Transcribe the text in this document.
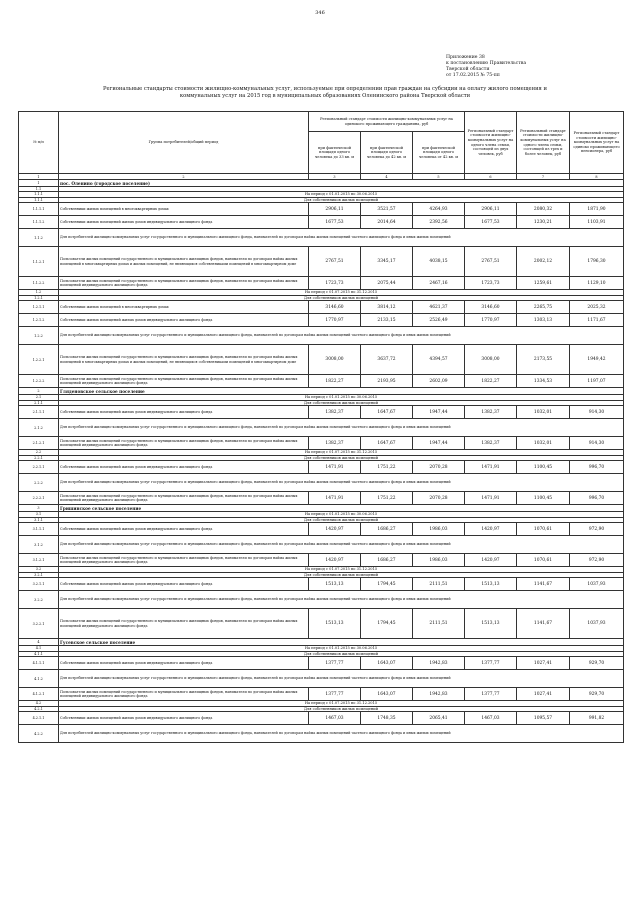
346
Приложение 38
к постановлению Правительства
Тверской области
от 17.02.2015 № 75-пп
Региональные стандарты стоимости жилищно-коммунальных услуг, используемые при определении прав граждан на субсидии на оплату жилого помещения и коммунальных услуг на 2015 год в муниципальных образованиях Оленинского района Тверской области
№ п/п	Группа потребителей/общий период	Региональный стандарт стоимости жилищно-коммунальных услуг на одинокого проживающего гражданина, руб			Региональный стандарт стоимости жилищно-коммунальных услуг на одного члена семьи, состоящей из двух человек, руб	Региональный стандарт стоимости жилищно-коммунальных услуг на одного члена семьи, состоящей из трех и более человек, руб	Региональный стандарт стоимости жилищно-коммунальных услуг на одиноко проживающего пенсионера, руб
		при фактической площади одного человека до 33 кв. м	при фактической площади одного человека до 42 кв. м	при фактической площади одного человека от 42 кв. м			
1	2	3	4	5	6	7	8
1	пос. Оленино (городское поселение)						
1.1							
1.1.1	На период с 01.01.2015 по 30.06.2015						
1.1.1	Для собственников жилых помещений						
1.1.1.1	Собственники жилых помещений в многоквартирных домах	2906,11	3521,57	4264,93	2906,11	2080,32	1871,90
1.1.1.2	Собственники жилых помещений жилых домов индивидуального жилищного фонда	1677,53	2014,64	2392,56	1677,53	1230,21	1103,91
1.1.2	Для потребителей жилищно-коммунальных услуг государственного и муниципального жилищного фонда, нанимателей по договорам найма жилых помещений частного жилищного фонда и иных жилых помещений						
1.1.2.1	Пользователи жилых помещений государственного и муниципального жилищных фондов, наниматели по договорам найма жилых помещений в многоквартирных домах и жилых помещений, не являющихся собственниками помещений в многоквартирном доме	2767,51	3345,17	4038,15	2767,51	2002,12	1796,30
1.1.2.2	Пользователи жилых помещений государственного и муниципального жилищных фондов, наниматели по договорам найма жилых помещений индивидуального жилищного фонда	1723,73	2075,44	2467,16	1723,73	1259,61	1129,10
1.2	На период с 01.07.2015 по 31.12.2015						
1.2.1	Для собственников жилых помещений						
1.2.1.1	Собственники жилых помещений в многоквартирных домах	3146,60	3814,12	4621,37	3146,60	2265,75	2025,32
1.2.1.2	Собственники жилых помещений жилых домов индивидуального жилищного фонда	1770,97	2133,15	2526,49	1770,97	1303,13	1171,67
1.2.2	Для потребителей жилищно-коммунальных услуг государственного и муниципального жилищного фонда, нанимателей по договорам найма жилых помещений частного жилищного фонда и иных жилых помещений						
1.2.2.1	Пользователи жилых помещений государственного и муниципального жилищных фондов, наниматели по договорам найма жилых помещений в многоквартирных домах и жилых помещений, не являющихся собственниками помещений в многоквартирном доме	3008,00	3637,72	4394,57	3008,00	2173,55	1949,42
1.2.2.2	Пользователи жилых помещений государственного и муниципального жилищных фондов, наниматели по договорам найма жилых помещений индивидуального жилищного фонда	1822,27	2193,95	2602,09	1822,27	1334,53	1197,07
2	Гляденовское сельское поселение						
2.1	На период с 01.01.2015 по 30.06.2015						
2.1.1	Для собственников жилых помещений						
2.1.1.1	Собственники жилых помещений жилых домов индивидуального жилищного фонда	1382,37	1647,67	1947,44	1382,37	1032,01	914,30
2.1.2	Для потребителей жилищно-коммунальных услуг государственного и муниципального жилищного фонда, нанимателей по договорам найма жилых помещений частного жилищного фонда и иных жилых помещений						
2.1.2.1	Пользователи жилых помещений государственного и муниципального жилищных фондов, наниматели по договорам найма жилых помещений индивидуального жилищного фонда	1382,37	1647,67	1947,44	1382,37	1032,01	914,30
2.2	На период с 01.07.2015 по 31.12.2015						
2.2.1	Для собственников жилых помещений						
2.2.1.1	Собственники жилых помещений жилых домов индивидуального жилищного фонда	1471,91	1751,22	2070,28	1471,91	1100,45	996,70
2.2.2	Для потребителей жилищно-коммунальных услуг государственного и муниципального жилищного фонда, нанимателей по договорам найма жилых помещений частного жилищного фонда и иных жилых помещений						
2.2.2.1	Пользователи жилых помещений государственного и муниципального жилищных фондов, наниматели по договорам найма жилых помещений индивидуального жилищного фонда	1471,91	1751,22	2070,28	1471,91	1100,45	996,70
3	Гришинское сельское поселение						
3.1	На период с 01.01.2015 по 30.06.2015						
3.1.1	Для собственников жилых помещений						
3.1.1.1	Собственники жилых помещений жилых домов индивидуального жилищного фонда	1420,97	1686,27	1986,03	1420,97	1070,61	972,90
3.1.2	Для потребителей жилищно-коммунальных услуг государственного и муниципального жилищного фонда, нанимателей по договорам найма жилых помещений частного жилищного фонда и иных жилых помещений						
3.1.2.1	Пользователи жилых помещений государственного и муниципального жилищных фондов, наниматели по договорам найма жилых помещений индивидуального жилищного фонда	1420,97	1686,27	1986,03	1420,97	1070,61	972,90
3.2	На период с 01.07.2015 по 31.12.2015						
3.2.1	Для собственников жилых помещений						
3.2.1.1	Собственники жилых помещений жилых домов индивидуального жилищного фонда	1513,13	1794,45	2111,51	1513,13	1141,67	1037,93
3.2.2	Для потребителей жилищно-коммунальных услуг государственного и муниципального жилищного фонда, нанимателей по договорам найма жилых помещений частного жилищного фонда и иных жилых помещений						
3.2.2.1	Пользователи жилых помещений государственного и муниципального жилищных фондов, наниматели по договорам найма жилых помещений индивидуального жилищного фонда	1513,13	1794,45	2111,51	1513,13	1141,67	1037,93
4	Гусевское сельское поселение						
4.1	На период с 01.01.2015 по 30.06.2015						
4.1.1	Для собственников жилых помещений						
4.1.1.1	Собственники жилых помещений жилых домов индивидуального жилищного фонда	1377,77	1643,07	1942,83	1377,77	1027,41	929,70
4.1.2	Для потребителей жилищно-коммунальных услуг государственного и муниципального жилищного фонда, нанимателей по договорам найма жилых помещений частного жилищного фонда и иных жилых помещений						
4.1.2.1	Пользователи жилых помещений государственного и муниципального жилищных фондов, наниматели по договорам найма жилых помещений индивидуального жилищного фонда	1377,77	1643,07	1942,83	1377,77	1027,41	929,70
4.2	На период с 01.07.2015 по 31.12.2015						
4.2.1	Для собственников жилых помещений						
4.2.1.1	Собственники жилых помещений жилых домов индивидуального жилищного фонда	1467,03	1748,35	2065,41	1467,03	1095,57	991,82
4.2.2	Для потребителей жилищно-коммунальных услуг государственного и муниципального жилищного фонда, нанимателей по договорам найма жилых помещений частного жилищного фонда и иных жилых помещений						
